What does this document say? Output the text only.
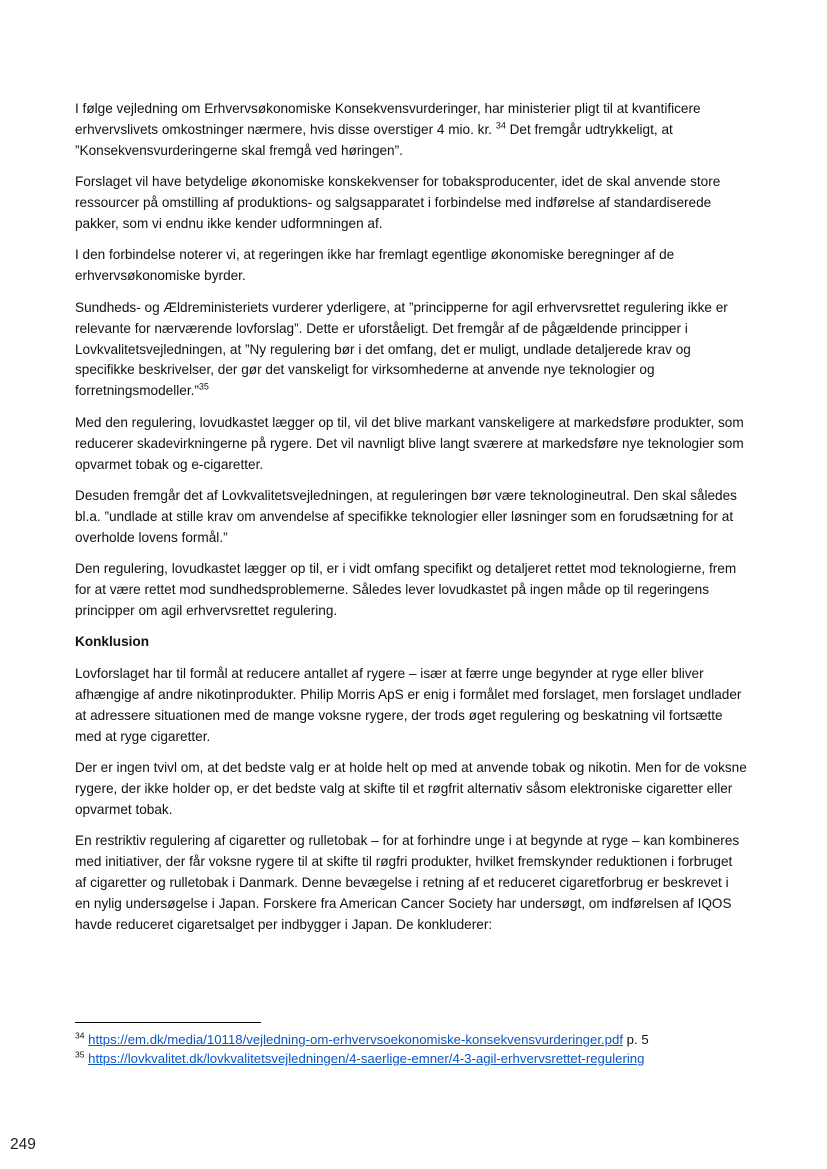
I følge vejledning om Erhvervsøkonomiske Konsekvensvurderinger, har ministerier pligt til at kvantificere erhvervslivets omkostninger nærmere, hvis disse overstiger 4 mio. kr. $^{34}$ Det fremgår udtrykkeligt, at ”Konsekvensvurderingerne skal fremgå ved høringen”.

Forslaget vil have betydelige økonomiske konskekvenser for tobaksproducenter, idet de skal anvende store ressourcer på omstilling af produktions- og salgsapparatet i forbindelse med indførelse af standardiserede pakker, som vi endnu ikke kender udformningen af.

I den forbindelse noterer vi, at regeringen ikke har fremlagt egentlige økonomiske beregninger af de erhvervsøkonomiske byrder.

Sundheds- og Ældreministeriets vurderer yderligere, at ”principperne for agil erhvervsrettet regulering ikke er relevante for nærværende lovforslag”. Dette er uforståeligt. Det fremgår af de pågældende principper i Lovkvalitetsvejledningen, at ”Ny regulering bør i det omfang, det er muligt, undlade detaljerede krav og specifikke beskrivelser, der gør det vanskeligt for virksomhederne at anvende nye teknologier og forretningsmodeller.”$^{35}$

Med den regulering, lovudkastet lægger op til, vil det blive markant vanskeligere at markedsføre produkter, som reducerer skadevirkningerne på rygere. Det vil navnligt blive langt sværere at markedsføre nye teknologier som opvarmet tobak og e-cigaretter.

Desuden fremgår det af Lovkvalitetsvejledningen, at reguleringen bør være teknologineutral. Den skal således bl.a. ”undlade at stille krav om anvendelse af specifikke teknologier eller løsninger som en forudsætning for at overholde lovens formål.”

Den regulering, lovudkastet lægger op til, er i vidt omfang specifikt og detaljeret rettet mod teknologierne, frem for at være rettet mod sundhedsproblemerne. Således lever lovudkastet på ingen måde op til regeringens principper om agil erhvervsrettet regulering.

Konklusion

Lovforslaget har til formål at reducere antallet af rygere – især at færre unge begynder at ryge eller bliver afhængige af andre nikotinprodukter. Philip Morris ApS er enig i formålet med forslaget, men forslaget undlader at adressere situationen med de mange voksne rygere, der trods øget regulering og beskatning vil fortsætte med at ryge cigaretter.

Der er ingen tvivl om, at det bedste valg er at holde helt op med at anvende tobak og nikotin. Men for de voksne rygere, der ikke holder op, er det bedste valg at skifte til et røgfrit alternativ såsom elektroniske cigaretter eller opvarmet tobak.

En restriktiv regulering af cigaretter og rulletobak – for at forhindre unge i at begynde at ryge – kan kombineres med initiativer, der får voksne rygere til at skifte til røgfri produkter, hvilket fremskynder reduktionen i forbruget af cigaretter og rulletobak i Danmark. Denne bevægelse i retning af et reduceret cigaretforbrug er beskrevet i en nylig undersøgelse i Japan. Forskere fra American Cancer Society har undersøgt, om indførelsen af IQOS havde reduceret cigaretsalget per indbygger i Japan. De konkluderer:

$^{34}$ https://em.dk/media/10118/vejledning-om-erhvervsoekonomiske-konsekvensvurderinger.pdf p. 5
$^{35}$ https://lovkvalitet.dk/lovkvalitetsvejledningen/4-saerlige-emner/4-3-agil-erhvervsrettet-regulering
249
